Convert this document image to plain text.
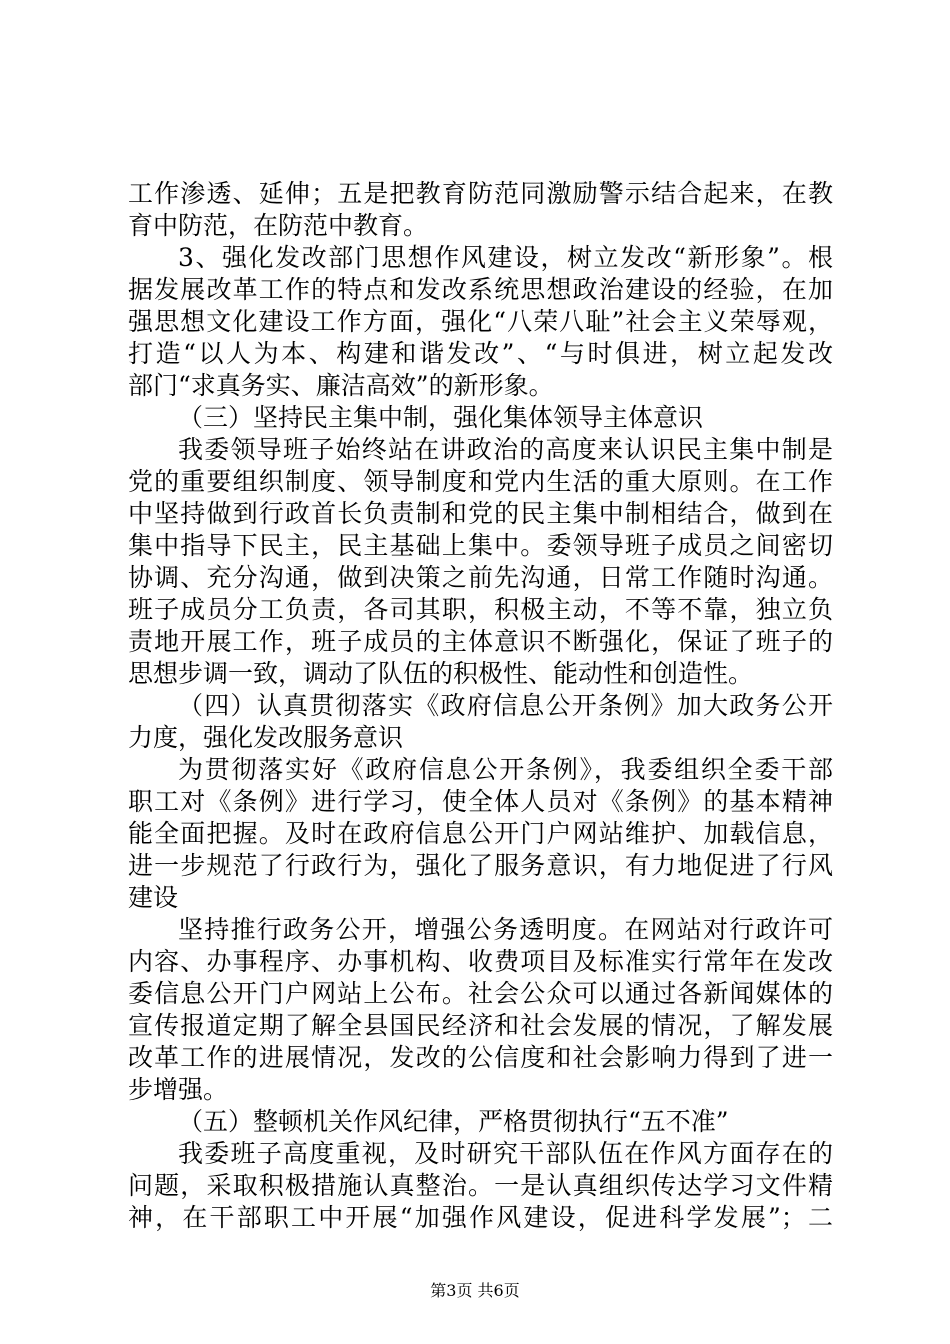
工作渗透、延伸；五是把教育防范同激励警示结合起来，在教
育中防范，在防范中教育。
3、强化发改部门思想作风建设，树立发改“新形象”。根
据发展改革工作的特点和发改系统思想政治建设的经验，在加
强思想文化建设工作方面，强化“八荣八耻”社会主义荣辱观，
打造“以人为本、构建和谐发改”、“与时俱进，树立起发改
部门“求真务实、廉洁高效”的新形象。
（三）坚持民主集中制，强化集体领导主体意识
我委领导班子始终站在讲政治的高度来认识民主集中制是
党的重要组织制度、领导制度和党内生活的重大原则。在工作
中坚持做到行政首长负责制和党的民主集中制相结合，做到在
集中指导下民主，民主基础上集中。委领导班子成员之间密切
协调、充分沟通，做到决策之前先沟通，日常工作随时沟通。
班子成员分工负责，各司其职，积极主动，不等不靠，独立负
责地开展工作，班子成员的主体意识不断强化，保证了班子的
思想步调一致，调动了队伍的积极性、能动性和创造性。
（四）认真贯彻落实《政府信息公开条例》加大政务公开
力度，强化发改服务意识
为贯彻落实好《政府信息公开条例》，我委组织全委干部
职工对《条例》进行学习，使全体人员对《条例》的基本精神
能全面把握。及时在政府信息公开门户网站维护、加载信息，
进一步规范了行政行为，强化了服务意识，有力地促进了行风
建设
坚持推行政务公开，增强公务透明度。在网站对行政许可
内容、办事程序、办事机构、收费项目及标准实行常年在发改
委信息公开门户网站上公布。社会公众可以通过各新闻媒体的
宣传报道定期了解全县国民经济和社会发展的情况，了解发展
改革工作的进展情况，发改的公信度和社会影响力得到了进一
步增强。
（五）整顿机关作风纪律，严格贯彻执行“五不准”
我委班子高度重视，及时研究干部队伍在作风方面存在的
问题，采取积极措施认真整治。一是认真组织传达学习文件精
神，在干部职工中开展“加强作风建设，促进科学发展”；二
第3页 共6页
